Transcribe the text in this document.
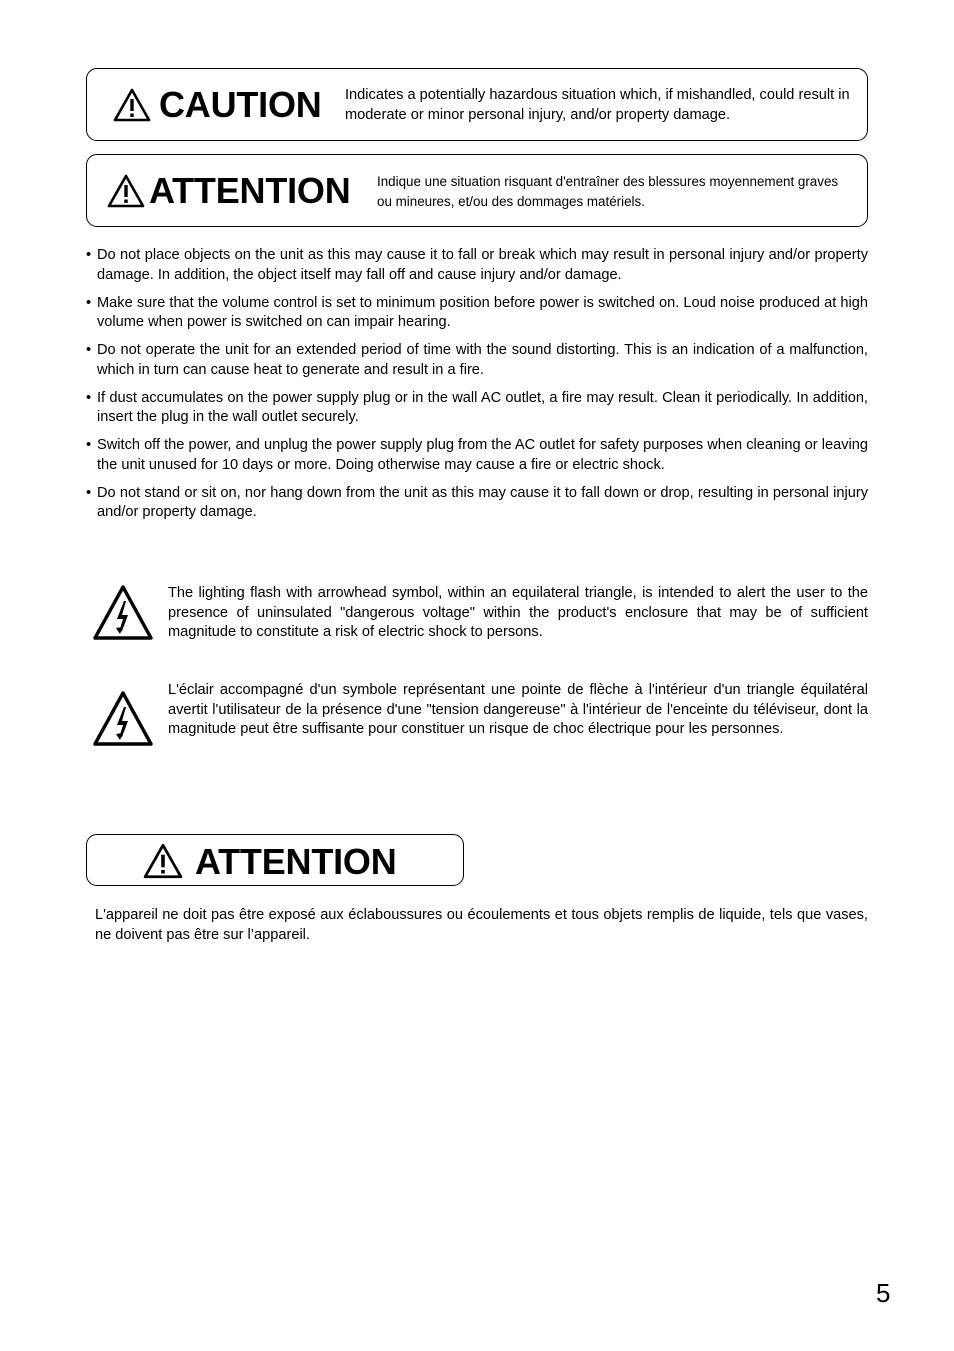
CAUTION Indicates a potentially hazardous situation which, if mishandled, could result in moderate or minor personal injury, and/or property damage.
ATTENTION Indique une situation risquant d'entraîner des blessures moyennement graves ou mineures, et/ou des dommages matériels.
• Do not place objects on the unit as this may cause it to fall or break which may result in personal injury and/or property damage. In addition, the object itself may fall off and cause injury and/or damage.
• Make sure that the volume control is set to minimum position before power is switched on. Loud noise produced at high volume when power is switched on can impair hearing.
• Do not operate the unit for an extended period of time with the sound distorting. This is an indication of a malfunction, which in turn can cause heat to generate and result in a fire.
• If dust accumulates on the power supply plug or in the wall AC outlet, a fire may result. Clean it periodically. In addition, insert the plug in the wall outlet securely.
• Switch off the power, and unplug the power supply plug from the AC outlet for safety purposes when cleaning or leaving the unit unused for 10 days or more. Doing otherwise may cause a fire or electric shock.
• Do not stand or sit on, nor hang down from the unit as this may cause it to fall down or drop, resulting in personal injury and/or property damage.
The lighting flash with arrowhead symbol, within an equilateral triangle, is intended to alert the user to the presence of uninsulated "dangerous voltage" within the product's enclosure that may be of sufficient magnitude to constitute a risk of electric shock to persons.
L'éclair accompagné d'un symbole représentant une pointe de flèche à l'intérieur d'un triangle équilatéral avertit l'utilisateur de la présence d'une "tension dangereuse" à l'intérieur de l'enceinte du téléviseur, dont la magnitude peut être suffisante pour constituer un risque de choc électrique pour les personnes.
ATTENTION
L'appareil ne doit pas être exposé aux éclaboussures ou écoulements et tous objets remplis de liquide, tels que vases, ne doivent pas être sur l’appareil.
5
